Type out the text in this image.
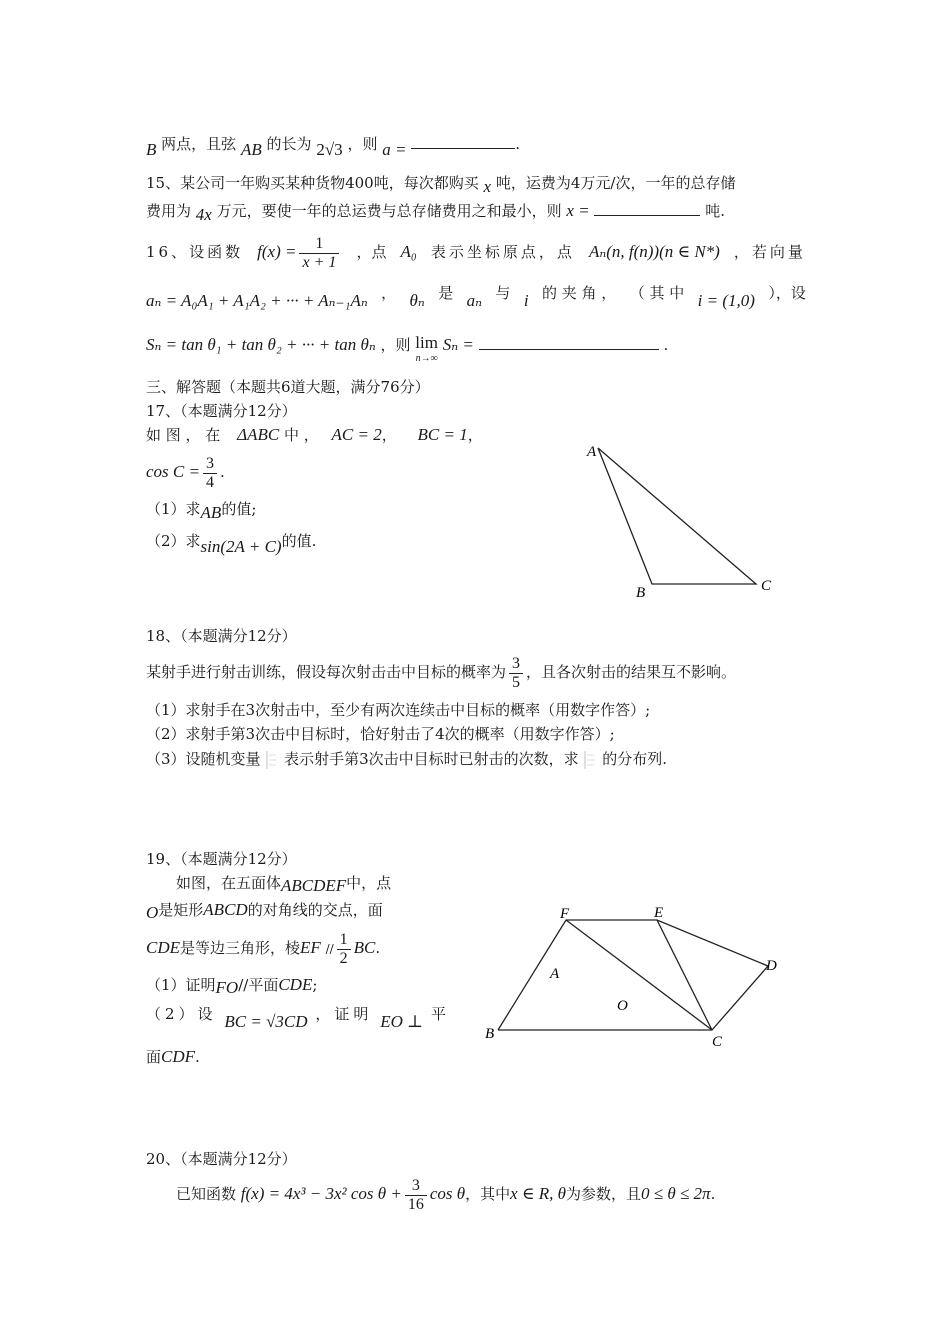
B 两点，且弦 AB 的长为 2√3 ，则 a =	.
15、某公司一年购买某种货物400吨，每次都购买 x 吨，运费为4万元/次，一年的总存储
费用为 4x 万元，要使一年的总运费与总存储费用之和最小，则 x =	吨.
16、设函数 $f(x) = \frac{1}{x + 1}$ ，点 A₀ 表示坐标原点，点 Aₙ(n, f(n))(n ∈ N*) ，若向量
aₙ = A₀A₁ + A₁A₂ + ··· + Aₙ₋₁Aₙ ， θₙ 是 aₙ 与 i 的 夹 角 ， （ 其 中 i = (1,0) ），设
Sₙ = tan θ₁ + tan θ₂ + ··· + tan θₙ ，则 lim
n→∞
Sₙ =	.
三、解答题（本题共6道大题，满分76分）
17、（本题满分12分）
如 图 ， 在 ΔABC 中 ， AC = 2， BC = 1，
$\cos C = \frac{3}{4}$ .
（1）求AB的值;
（2）求sin(2A + C)的值.
A
B	C
18、（本题满分12分）
某射手进行射击训练，假设每次射击击中目标的概率为 $\frac{3}{5}$ ，且各次射击的结果互不影响。
（1）求射手在3次射击中，至少有两次连续击中目标的概率（用数字作答）;
（2）求射手第3次击中目标时，恰好射击了4次的概率（用数字作答）;
（3）设随机变量 表示射手第3次击中目标时已射击的次数，求 的分布列.
19、（本题满分12分）
如图，在五面体ABCDEF中，点
O是矩形ABCD的对角线的交点，面
CDE是等边三角形，棱EF // $\frac{1}{2}$ BC.
（1）证明FO//平面CDE;
（2）设 BC = √3CD ，证明 EO ⊥ 平
面CDF.
F	E
D
A
O
B	C
20、（本题满分12分）
已知函数 f(x) = 4x³ − 3x² $\cos \theta + \frac{3}{16}$ cos θ，其中x ∈ R, θ为参数，且0 ≤ θ ≤ 2π.
